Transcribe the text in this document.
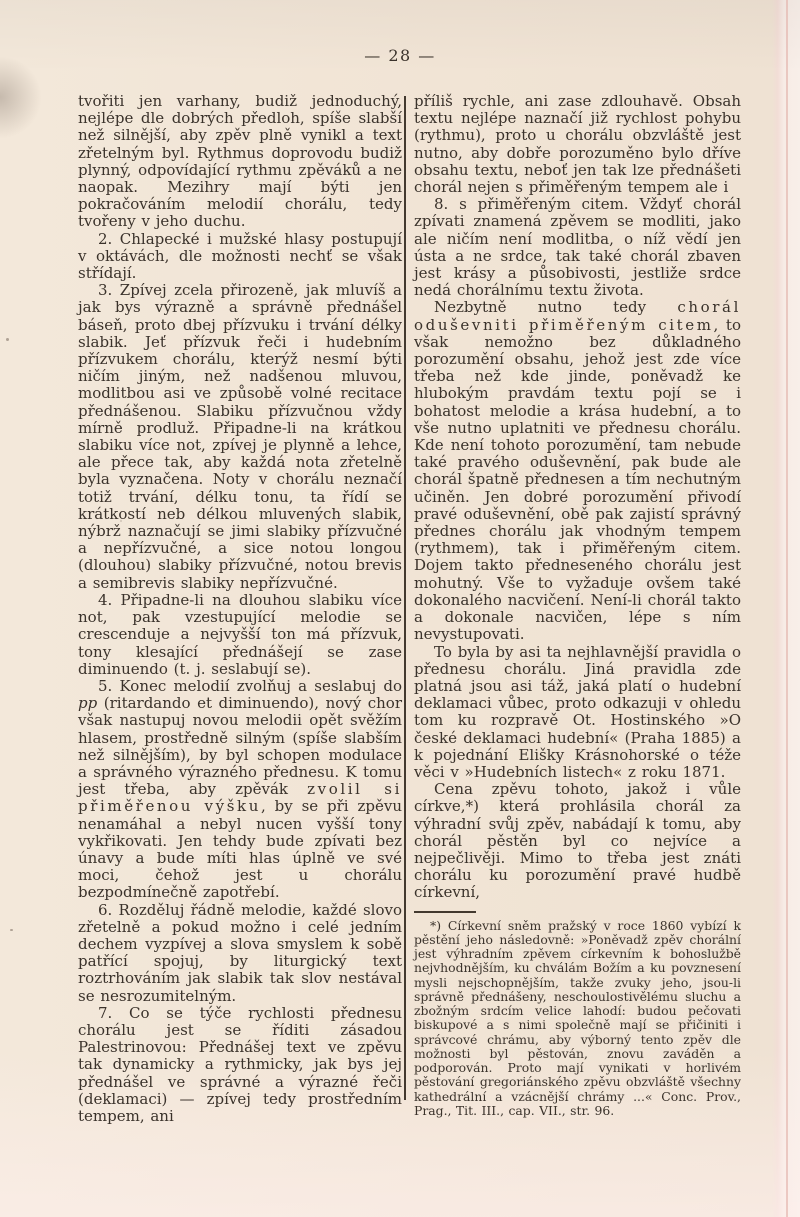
— 28 —

tvořiti jen varhany, budiž jednoduchý, nejlépe dle dobrých předloh, spíše slabší než silnější, aby zpěv plně vynikl a text zřetelným byl. Rythmus doprovodu budiž plynný, odpovídající rythmu zpěváků a ne naopak. Mezihry mají býti jen pokračováním melodií chorálu, tedy tvořeny v jeho duchu.

2. Chlapecké i mužské hlasy postupují v oktávách, dle možnosti nechť se však střídají.

3. Zpívej zcela přirozeně, jak mluvíš a jak bys výrazně a správně přednášel báseň, proto dbej přízvuku i trvání délky slabik. Jeť přízvuk řeči i hudebním přízvukem chorálu, kterýž nesmí býti ničím jiným, než nadšenou mluvou, modlitbou asi ve způsobě volné recitace přednášenou. Slabiku přízvučnou vždy mírně prodluž. Připadne-li na krátkou slabiku více not, zpívej je plynně a lehce, ale přece tak, aby každá nota zřetelně byla vyznačena. Noty v chorálu neznačí totiž trvání, délku tonu, ta řídí se krátkostí neb délkou mluvených slabik, nýbrž naznačují se jimi slabiky přízvučné a nepřízvučné, a sice notou longou (dlouhou) slabiky přízvučné, notou brevis a semibrevis slabiky nepřízvučné.

4. Připadne-li na dlouhou slabiku více not, pak vzestupující melodie se crescenduje a nejvyšší ton má přízvuk, tony klesající přednášejí se zase diminuendo (t. j. seslabují se).

5. Konec melodií zvolňuj a seslabuj do pp (ritardando et diminuendo), nový chor však nastupuj novou melodii opět svěžím hlasem, prostředně silným (spíše slabším než silnějším), by byl schopen modulace a správného výrazného přednesu. K tomu jest třeba, aby zpěvák zvolil si přiměřenou výšku, by se při zpěvu nenamáhal a nebyl nucen vyšší tony vykřikovati. Jen tehdy bude zpívati bez únavy a bude míti hlas úplně ve své moci, čehož jest u chorálu bezpodmínečně zapotřebí.

6. Rozděluj řádně melodie, každé slovo zřetelně a pokud možno i celé jedním dechem vyzpívej a slova smyslem k sobě patřící spojuj, by liturgický text roztrhováním jak slabik tak slov nestával se nesrozumitelným.

7. Co se týče rychlosti přednesu chorálu jest se říditi zásadou Palestrinovou: Přednášej text ve zpěvu tak dynamicky a rythmicky, jak bys jej přednášel ve správné a výrazné řeči (deklamaci) — zpívej tedy prostředním tempem, ani

příliš rychle, ani zase zdlouhavě. Obsah textu nejlépe naznačí již rychlost pohybu (rythmu), proto u chorálu obzvláště jest nutno, aby dobře porozuměno bylo dříve obsahu textu, neboť jen tak lze přednášeti chorál nejen s přiměřeným tempem ale i

8. s přiměřeným citem. Vždyť chorál zpívati znamená zpěvem se modliti, jako ale ničím není modlitba, o níž vědí jen ústa a ne srdce, tak také chorál zbaven jest krásy a působivosti, jestliže srdce nedá chorálnímu textu života.

Nezbytně nutno tedy chorál oduševniti přiměřeným citem, to však nemožno bez důkladného porozumění obsahu, jehož jest zde více třeba než kde jinde, poněvadž ke hlubokým pravdám textu pojí se i bohatost melodie a krása hudební, a to vše nutno uplatniti ve přednesu chorálu. Kde není tohoto porozumění, tam nebude také pravého oduševnění, pak bude ale chorál špatně přednesen a tím nechutným učiněn. Jen dobré porozumění přivodí pravé oduševnění, obě pak zajistí správný přednes chorálu jak vhodným tempem (rythmem), tak i přiměřeným citem. Dojem takto předneseného chorálu jest mohutný. Vše to vyžaduje ovšem také dokonalého nacvičení. Není-li chorál takto a dokonale nacvičen, lépe s ním nevystupovati.

To byla by asi ta nejhlavnější pravidla o přednesu chorálu. Jiná pravidla zde platná jsou asi táž, jaká platí o hudební deklamaci vůbec, proto odkazuji v ohledu tom ku rozpravě Ot. Hostinského »O české deklamaci hudební« (Praha 1885) a k pojednání Elišky Krásnohorské o téže věci v »Hudebních listech« z roku 1871.

Cena zpěvu tohoto, jakož i vůle církve,*) která prohlásila chorál za výhradní svůj zpěv, nabádají k tomu, aby chorál pěstěn byl co nejvíce a nejpečlivěji. Mimo to třeba jest znáti chorálu ku porozumění pravé hudbě církevní,

*) Církevní sněm pražský v roce 1860 vybízí k pěstění jeho následovně: »Poněvadž zpěv chorální jest výhradním zpěvem církevním k bohoslužbě nejvhodnějším, ku chválám Božím a ku povznesení mysli nejschopnějším, takže zvuky jeho, jsou-li správně přednášeny, neschoulostivělému sluchu a zbožným srdcím velice lahodí: budou pečovati biskupové a s nimi společně mají se přičiniti i správcové chrámu, aby výborný tento zpěv dle možnosti byl pěstován, znovu zaváděn a podporován. Proto mají vynikati v horlivém pěstování gregoriánského zpěvu obzvláště všechny kathedrální a vzácnější chrámy ...« Conc. Prov., Prag., Tit. III., cap. VII., str. 96.
